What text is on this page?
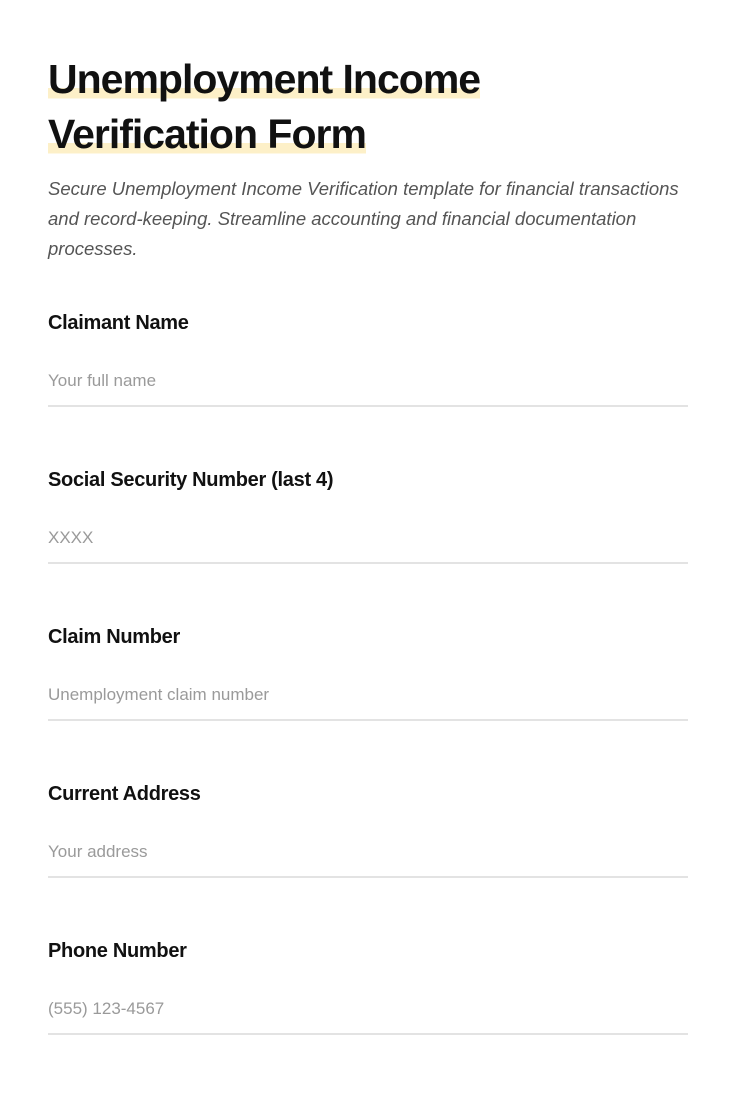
Unemployment Income
Verification Form

Secure Unemployment Income Verification template for financial transactions and record-keeping. Streamline accounting and financial documentation processes.

Claimant Name
Your full name
Social Security Number (last 4)
XXXX
Claim Number
Unemployment claim number
Current Address
Your address
Phone Number
(555) 123-4567
